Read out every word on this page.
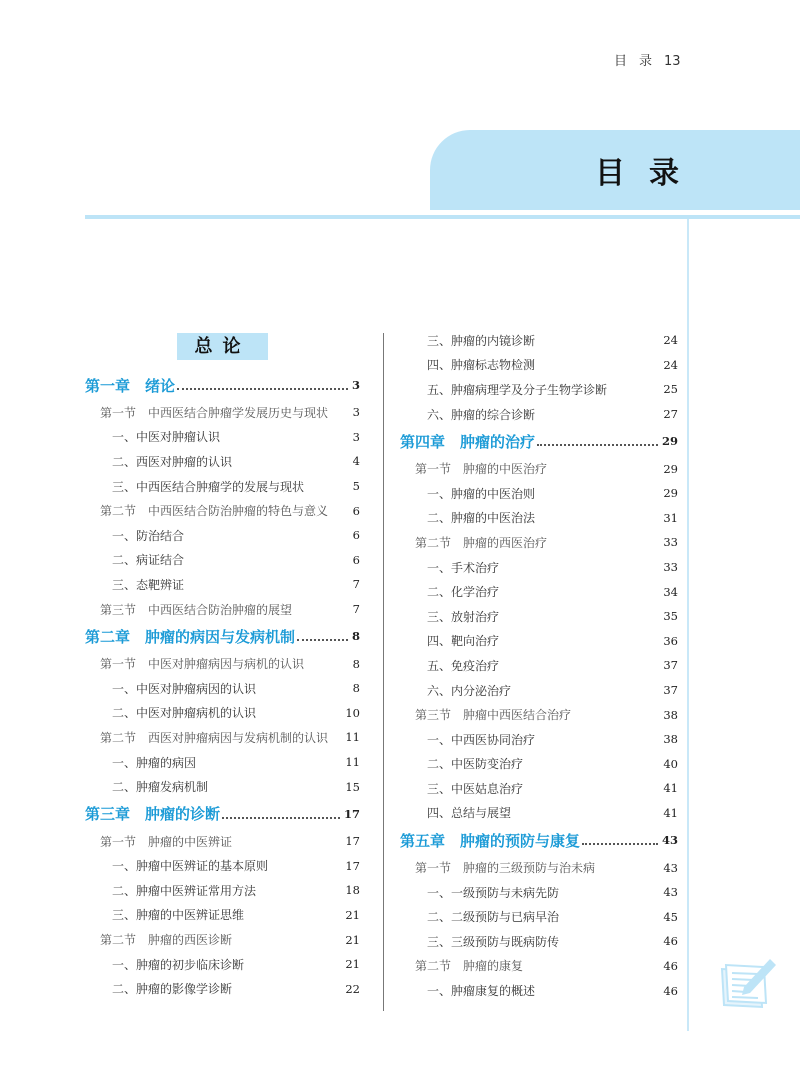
目 录 13
目录
总论
第一章　绪论	3
第一节　中西医结合肿瘤学发展历史与现状 3
一、中医对肿瘤认识	3
二、西医对肿瘤的认识	4
三、中西医结合肿瘤学的发展与现状	5
第二节　中西医结合防治肿瘤的特色与意义 6
一、防治结合	6
二、病证结合	6
三、态靶辨证	7
第三节　中西医结合防治肿瘤的展望	7
第二章　肿瘤的病因与发病机制	8
第一节　中医对肿瘤病因与病机的认识	8
一、中医对肿瘤病因的认识	8
二、中医对肿瘤病机的认识	10
第二节　西医对肿瘤病因与发病机制的认识 11
一、肿瘤的病因	11
二、肿瘤发病机制	15
第三章　肿瘤的诊断	17
第一节　肿瘤的中医辨证	17
一、肿瘤中医辨证的基本原则	17
二、肿瘤中医辨证常用方法	18
三、肿瘤的中医辨证思维	21
第二节　肿瘤的西医诊断	21
一、肿瘤的初步临床诊断	21
二、肿瘤的影像学诊断	22
三、肿瘤的内镜诊断	24
四、肿瘤标志物检测	24
五、肿瘤病理学及分子生物学诊断	25
六、肿瘤的综合诊断	27
第四章　肿瘤的治疗	29
第一节　肿瘤的中医治疗	29
一、肿瘤的中医治则	29
二、肿瘤的中医治法	31
第二节　肿瘤的西医治疗	33
一、手术治疗	33
二、化学治疗	34
三、放射治疗	35
四、靶向治疗	36
五、免疫治疗	37
六、内分泌治疗	37
第三节　肿瘤中西医结合治疗	38
一、中西医协同治疗	38
二、中医防变治疗	40
三、中医姑息治疗	41
四、总结与展望	41
第五章　肿瘤的预防与康复	43
第一节　肿瘤的三级预防与治未病	43
一、一级预防与未病先防	43
二、二级预防与已病早治	45
三、三级预防与既病防传	46
第二节　肿瘤的康复	46
一、肿瘤康复的概述	46
